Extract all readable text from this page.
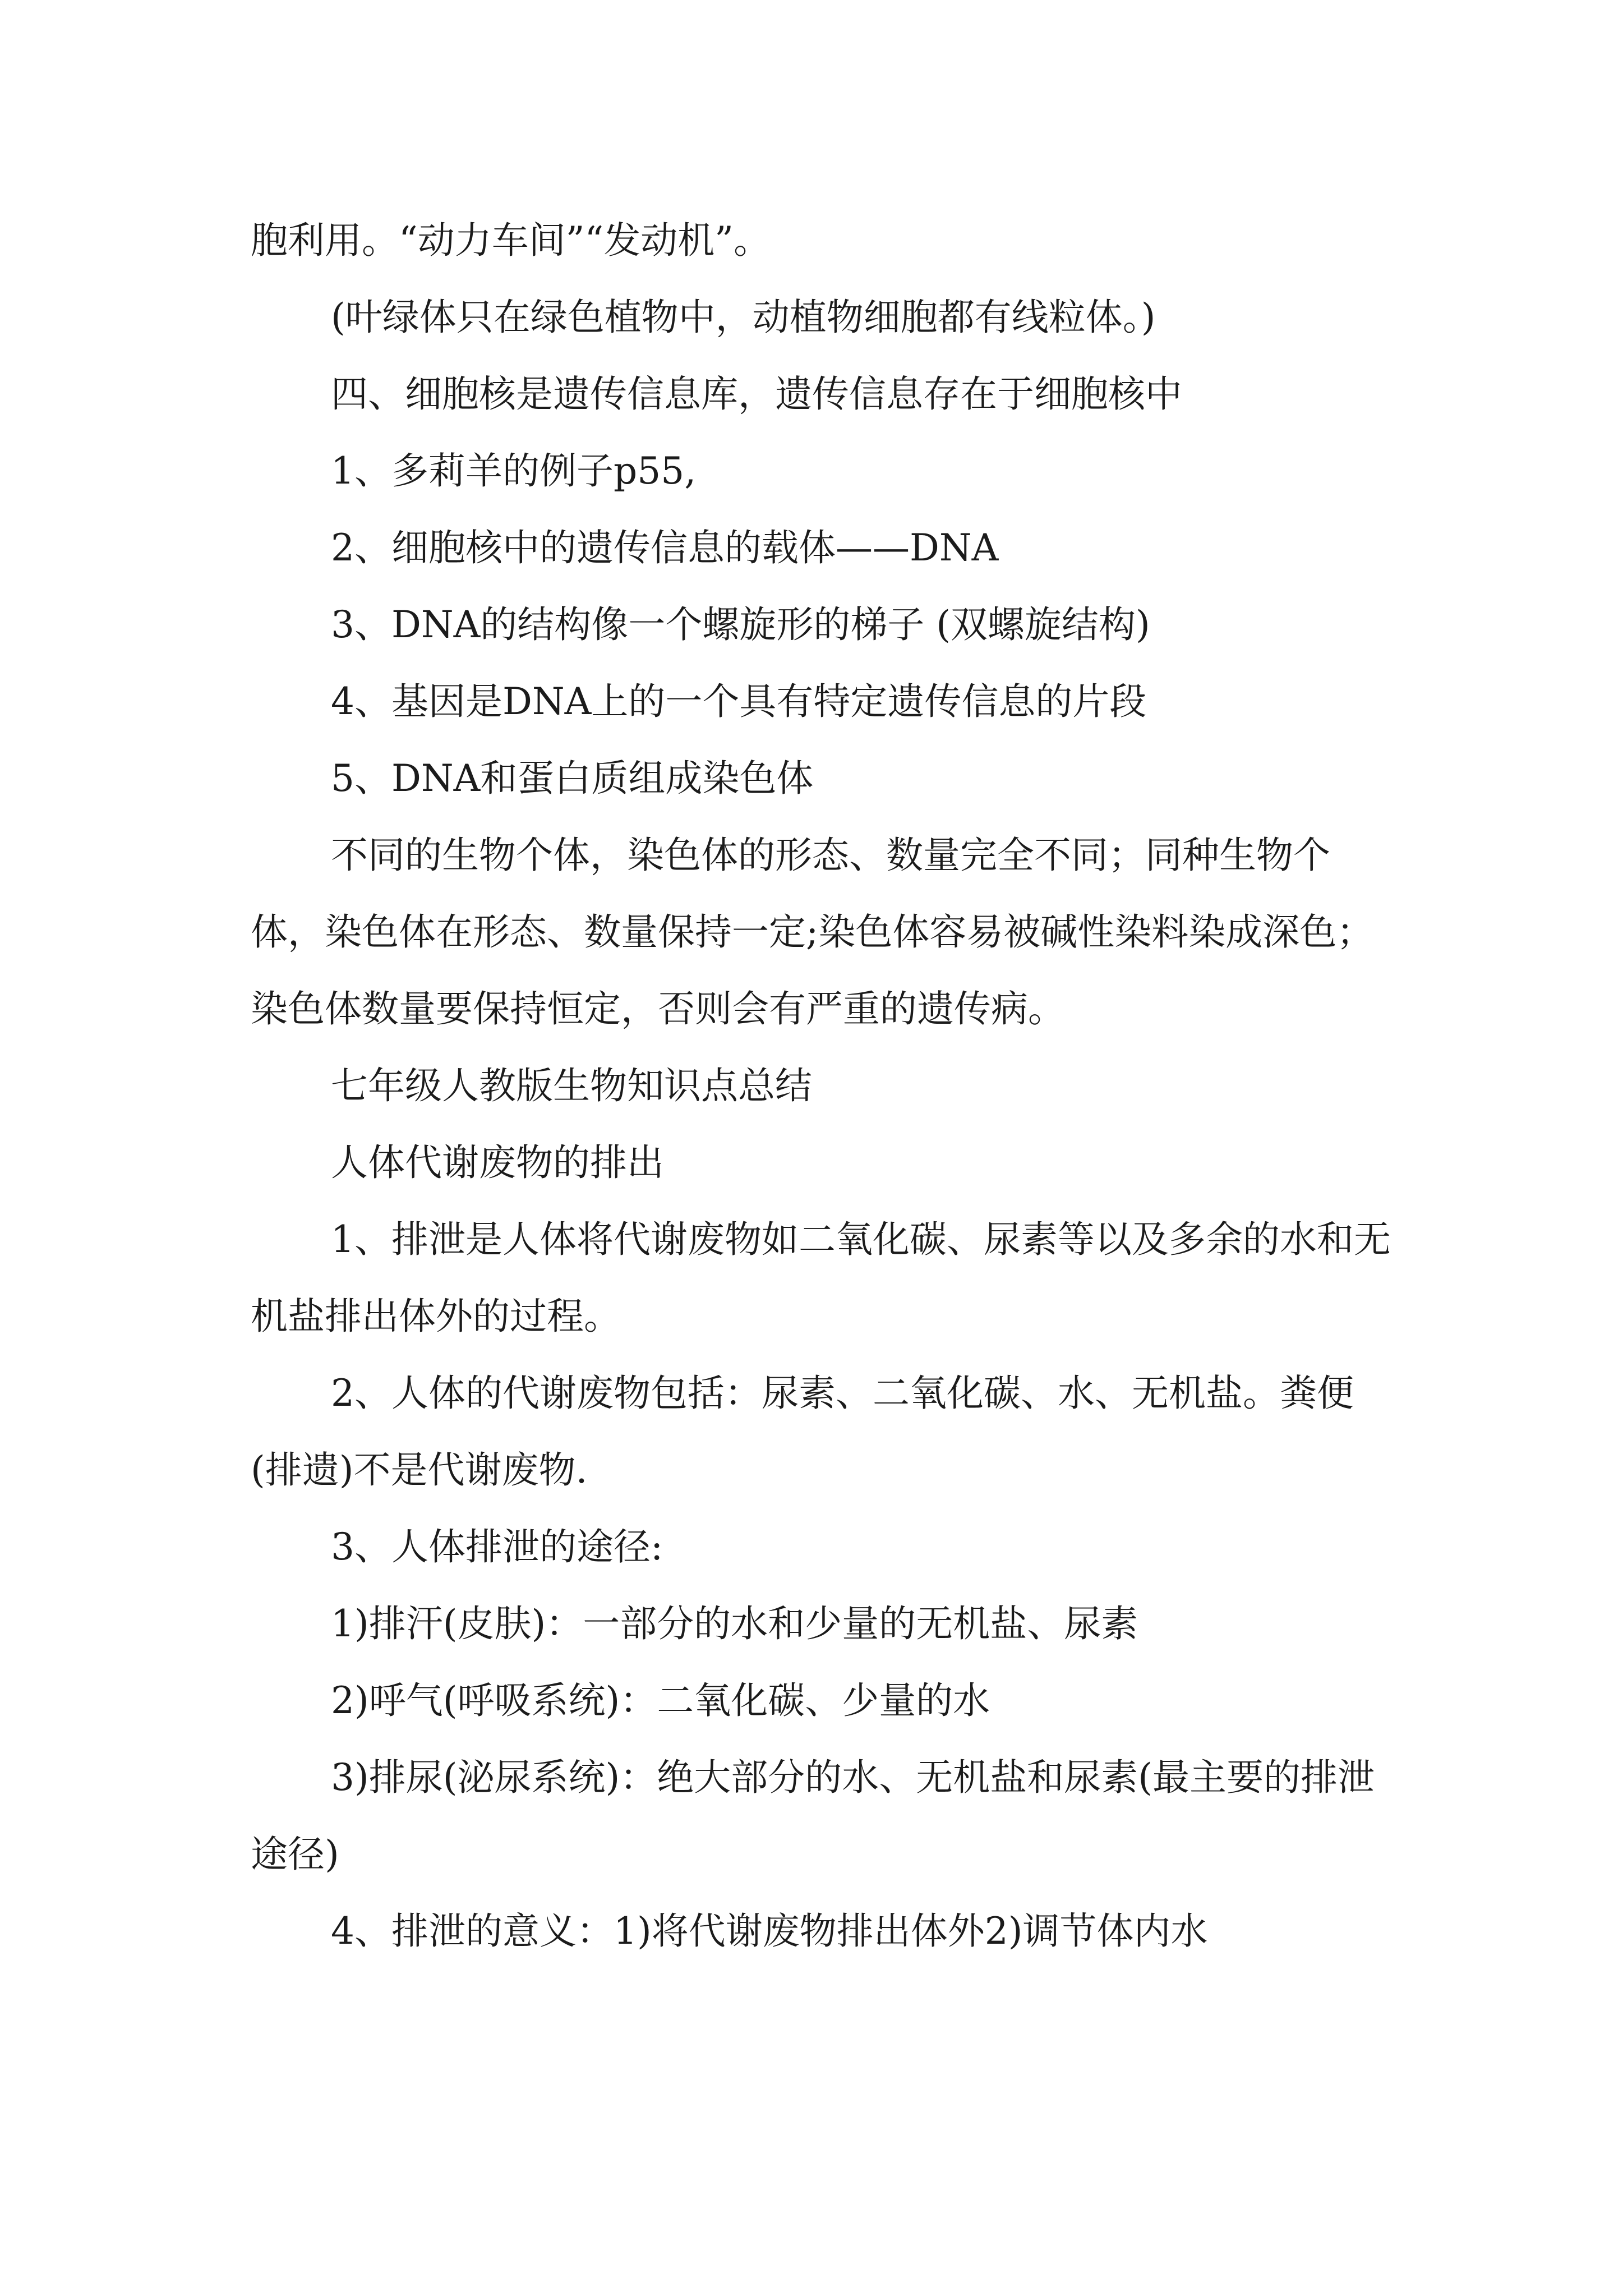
胞利用。“动力车间”“发动机”。

(叶绿体只在绿色植物中，动植物细胞都有线粒体。)

四、细胞核是遗传信息库，遗传信息存在于细胞核中

1、多莉羊的例子p55,

2、细胞核中的遗传信息的载体——DNA

3、DNA的结构像一个螺旋形的梯子 (双螺旋结构)

4、基因是DNA上的一个具有特定遗传信息的片段

5、DNA和蛋白质组成染色体

不同的生物个体，染色体的形态、数量完全不同；同种生物个体，染色体在形态、数量保持一定;染色体容易被碱性染料染成深色；染色体数量要保持恒定，否则会有严重的遗传病。

七年级人教版生物知识点总结

人体代谢废物的排出

1、排泄是人体将代谢废物如二氧化碳、尿素等以及多余的水和无机盐排出体外的过程。

2、人体的代谢废物包括：尿素、二氧化碳、水、无机盐。粪便(排遗)不是代谢废物.

3、人体排泄的途径:

1)排汗(皮肤)：一部分的水和少量的无机盐、尿素

2)呼气(呼吸系统)：二氧化碳、少量的水

3)排尿(泌尿系统)：绝大部分的水、无机盐和尿素(最主要的排泄途径)

4、排泄的意义：1)将代谢废物排出体外2)调节体内水
